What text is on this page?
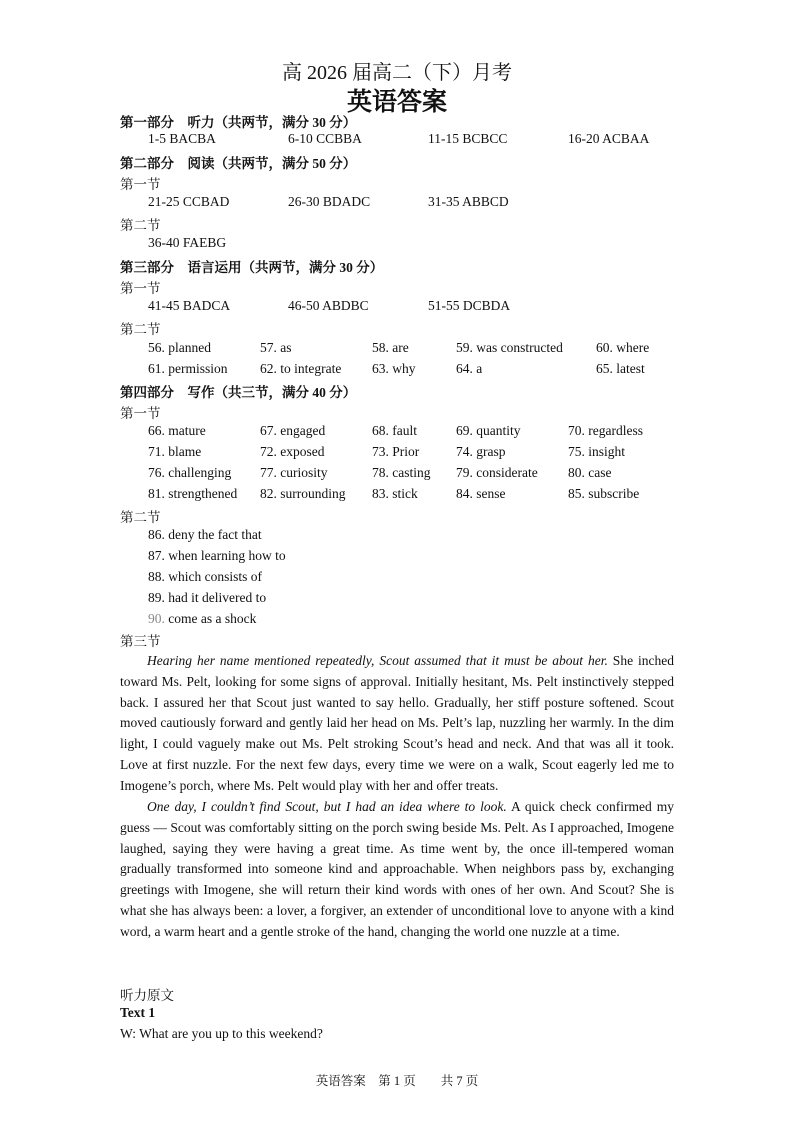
高 2026 届高二（下）月考
英语答案
第一部分　听力（共两节，满分 30 分）
1-5 BACBA	6-10 CCBBA	11-15 BCBCC	16-20 ACBAA
第二部分　阅读（共两节，满分 50 分）
第一节
21-25 CCBAD	26-30 BDADC	31-35 ABBCD
第二节
36-40 FAEBG
第三部分　语言运用（共两节，满分 30 分）
第一节
41-45 BADCA	46-50 ABDBC	51-55 DCBDA
第二节
56. planned	57. as	58. are	59. was constructed 60. where
61. permission 62. to integrate 63. why	64. a	65. latest
第四部分　写作（共三节，满分 40 分）
第一节
66. mature	67. engaged	68. fault	69. quantity	70. regardless
71. blame	72. exposed	73. Prior	74. grasp	75. insight
76. challenging 77. curiosity	78. casting 79. considerate 80. case
81. strengthened 82. surrounding 83. stick	84. sense	85. subscribe
第二节
86. deny the fact that
87. when learning how to
88. which consists of
89. had it delivered to
90. come as a shock
第三节
Hearing her name mentioned repeatedly, Scout assumed that it must be about her. She inched toward Ms. Pelt, looking for some signs of approval. Initially hesitant, Ms. Pelt instinctively stepped back. I assured her that Scout just wanted to say hello. Gradually, her stiff posture softened. Scout moved cautiously forward and gently laid her head on Ms. Pelt’s lap, nuzzling her warmly. In the dim light, I could vaguely make out Ms. Pelt stroking Scout’s head and neck. And that was all it took. Love at first nuzzle. For the next few days, every time we were on a walk, Scout eagerly led me to Imogene’s porch, where Ms. Pelt would play with her and offer treats.
One day, I couldn’t find Scout, but I had an idea where to look. A quick check confirmed my guess — Scout was comfortably sitting on the porch swing beside Ms. Pelt. As I approached, Imogene laughed, saying they were having a great time. As time went by, the once ill-tempered woman gradually transformed into someone kind and approachable. When neighbors pass by, exchanging greetings with Imogene, she will return their kind words with ones of her own. And Scout? She is what she has always been: a lover, a forgiver, an extender of unconditional love to anyone with a kind word, a warm heart and a gentle stroke of the hand, changing the world one nuzzle at a time.
听力原文
Text 1
W: What are you up to this weekend?
英语答案　第 1 页　　共 7 页
